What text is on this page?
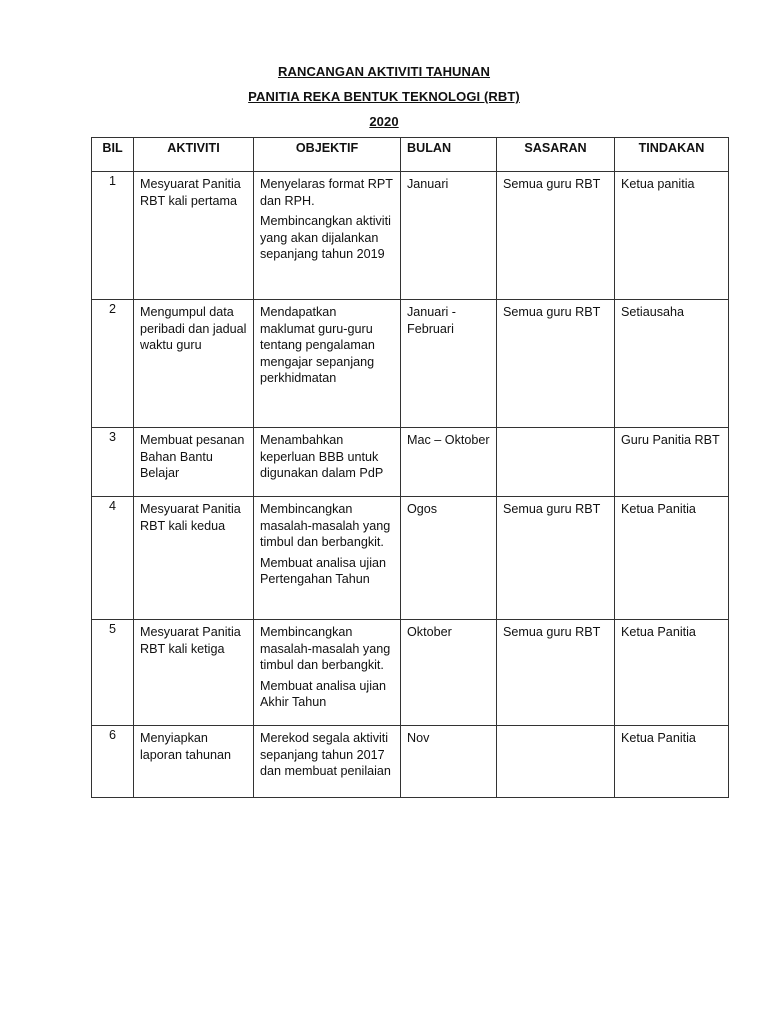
RANCANGAN AKTIVITI TAHUNAN
PANITIA REKA BENTUK TEKNOLOGI (RBT)
2020
BIL	AKTIVITI	OBJEKTIF	BULAN	SASARAN	TINDAKAN

1	Mesyuarat Panitia RBT kali pertama	Menyelaras format RPT dan RPH.
Membincangkan aktiviti yang akan dijalankan sepanjang tahun 2019	Januari	Semua guru RBT	Ketua panitia

2	Mengumpul data peribadi dan jadual waktu guru	Mendapatkan maklumat guru-guru tentang pengalaman mengajar sepanjang perkhidmatan	Januari - Februari	Semua guru RBT	Setiausaha

3	Membuat pesanan Bahan Bantu Belajar	Menambahkan keperluan BBB untuk digunakan dalam PdP	Mac – Oktober		Guru Panitia RBT

4	Mesyuarat Panitia RBT kali kedua	Membincangkan masalah-masalah yang timbul dan berbangkit.
Membuat analisa ujian Pertengahan Tahun	Ogos	Semua guru RBT	Ketua Panitia

5	Mesyuarat Panitia RBT kali ketiga	Membincangkan masalah-masalah yang timbul dan berbangkit.
Membuat analisa ujian Akhir Tahun	Oktober	Semua guru RBT	Ketua Panitia

6	Menyiapkan laporan tahunan	Merekod segala aktiviti sepanjang tahun 2017 dan membuat penilaian	Nov		Ketua Panitia
